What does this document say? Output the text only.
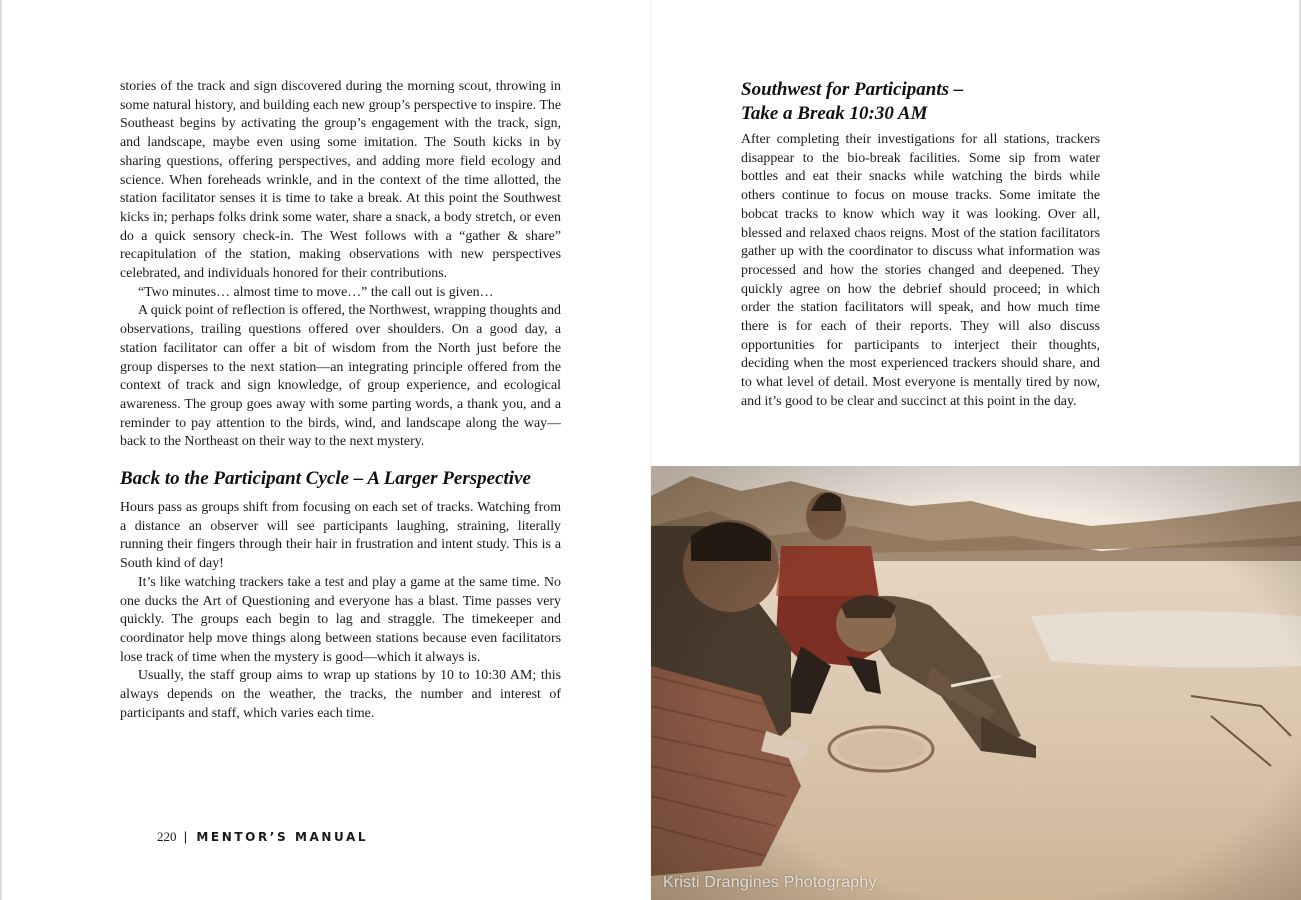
stories of the track and sign discovered during the morning scout, throwing in some natural history, and building each new group’s perspective to inspire. The Southeast begins by activating the group’s engagement with the track, sign, and landscape, maybe even using some imitation. The South kicks in by sharing questions, offering perspectives, and adding more field ecology and science. When foreheads wrinkle, and in the context of the time allotted, the station facilitator senses it is time to take a break. At this point the Southwest kicks in; perhaps folks drink some water, share a snack, a body stretch, or even do a quick sensory check-in. The West follows with a “gather & share” recapitulation of the station, making observations with new perspectives celebrated, and individuals honored for their contributions.

“Two minutes… almost time to move…” the call out is given…

A quick point of reflection is offered, the Northwest, wrapping thoughts and observations, trailing questions offered over shoulders. On a good day, a station facilitator can offer a bit of wisdom from the North just before the group disperses to the next station—an integrating principle offered from the context of track and sign knowledge, of group experience, and ecological awareness. The group goes away with some parting words, a thank you, and a reminder to pay attention to the birds, wind, and landscape along the way—back to the Northeast on their way to the next mystery.

Back to the Participant Cycle – A Larger Perspective

Hours pass as groups shift from focusing on each set of tracks. Watching from a distance an observer will see participants laughing, straining, literally running their fingers through their hair in frustration and intent study. This is a South kind of day!

It’s like watching trackers take a test and play a game at the same time. No one ducks the Art of Questioning and everyone has a blast. Time passes very quickly. The groups each begin to lag and straggle. The timekeeper and coordinator help move things along between stations because even facilitators lose track of time when the mystery is good—which it always is.

Usually, the staff group aims to wrap up stations by 10 to 10:30 AM; this always depends on the weather, the tracks, the number and interest of participants and staff, which varies each time.

220 | MENTOR’S MANUAL
Southwest for Participants –
Take a Break 10:30 AM

After completing their investigations for all stations, trackers disappear to the bio-break facilities. Some sip from water bottles and eat their snacks while watching the birds while others continue to focus on mouse tracks. Some imitate the bobcat tracks to know which way it was looking. Over all, blessed and relaxed chaos reigns. Most of the station facilitators gather up with the coordinator to discuss what information was processed and how the stories changed and deepened. They quickly agree on how the debrief should proceed; in which order the station facilitators will speak, and how much time there is for each of their reports. They will also discuss opportunities for participants to interject their thoughts, deciding when the most experienced trackers should share, and to what level of detail. Most everyone is mentally tired by now, and it’s good to be clear and succinct at this point in the day.

Kristi Drangines Photography
